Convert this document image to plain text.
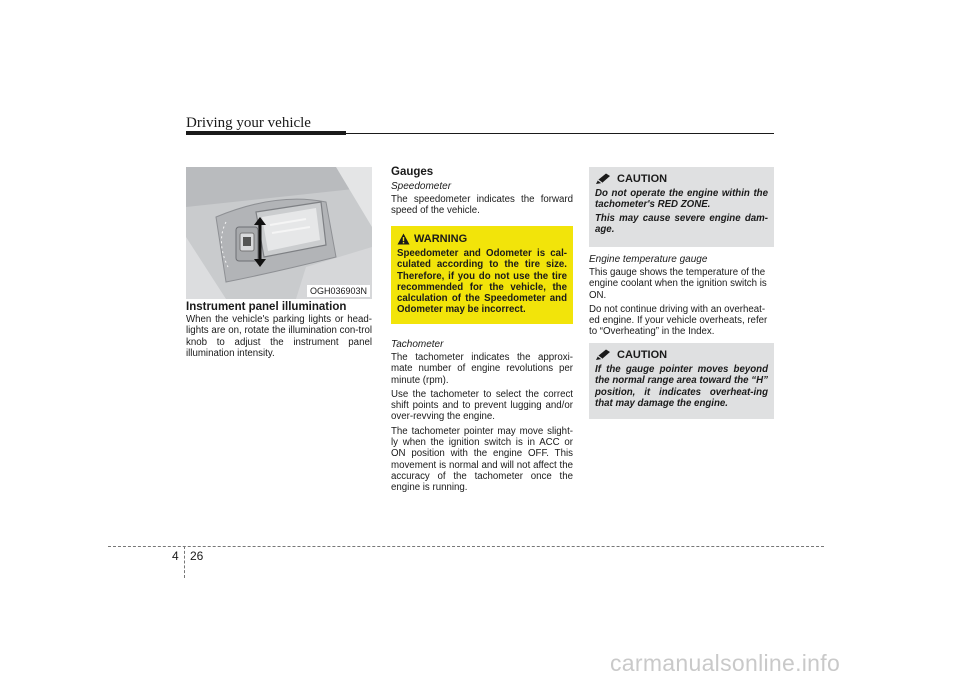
Driving your vehicle
OGH036903N
Instrument panel illumination
When the vehicle's parking lights or head-lights are on, rotate the illumination con-trol knob to adjust the instrument panel illumination intensity.
Gauges
Speedometer
The speedometer indicates the forward speed of the vehicle.
WARNING
Speedometer and Odometer is cal-culated according to the tire size. Therefore, if you do not use the tire recommended for the vehicle, the calculation of the Speedometer and Odometer may be incorrect.
Tachometer

The tachometer indicates the approxi-mate number of engine revolutions per minute (rpm).

Use the tachometer to select the correct shift points and to prevent lugging and/or over-revving the engine.

The tachometer pointer may move slight-ly when the ignition switch is in ACC or ON position with the engine OFF. This movement is normal and will not affect the accuracy of the tachometer once the engine is running.

CAUTION

Do not operate the engine within the tachometer's RED ZONE.

This may cause severe engine dam-age.

Engine temperature gauge

This gauge shows the temperature of the engine coolant when the ignition switch is ON.

Do not continue driving with an overheat-ed engine. If your vehicle overheats, refer to “Overheating” in the Index.

CAUTION
If the gauge pointer moves beyond the normal range area toward the “H” position, it indicates overheat-ing that may damage the engine.
4 26
carmanualsonline.info
